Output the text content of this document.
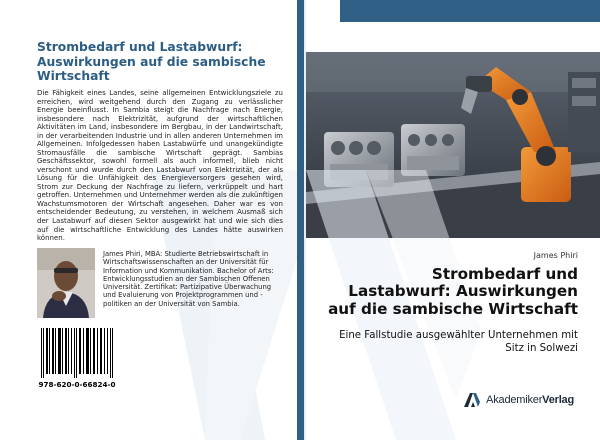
Strombedarf und Lastabwurf: Auswirkungen auf die sambische Wirtschaft
Die Fähigkeit eines Landes, seine allgemeinen Entwicklungsziele zu erreichen, wird weitgehend durch den Zugang zu verlässlicher Energie beeinflusst. In Sambia steigt die Nachfrage nach Energie, insbesondere nach Elektrizität, aufgrund der wirtschaftlichen Aktivitäten im Land, insbesondere im Bergbau, in der Landwirtschaft, in der verarbeitenden Industrie und in allen anderen Unternehmen im Allgemeinen. Infolgedessen haben Lastabwürfe und unangekündigte Stromausfälle die sambische Wirtschaft geprägt. Sambias Geschäftssektor, sowohl formell als auch informell, blieb nicht verschont und wurde durch den Lastabwurf von Elektrizität, der als Lösung für die Unfähigkeit des Energieversorgers gesehen wird, Strom zur Deckung der Nachfrage zu liefern, verkrüppelt und hart getroffen. Unternehmen und Unternehmer werden als die zukünftigen Wachstumsmotoren der Wirtschaft angesehen. Daher war es von entscheidender Bedeutung, zu verstehen, in welchem Ausmaß sich der Lastabwurf auf diesen Sektor ausgewirkt hat und wie sich dies auf die wirtschaftliche Entwicklung des Landes hätte auswirken können.
James Phiri, MBA: Studierte Betriebswirtschaft in Wirtschaftswissenschaften an der Universität für Information und Kommunikation. Bachelor of Arts: Entwicklungsstudien an der Sambischen Offenen Universität. Zertifikat: Partizipative Überwachung und Evaluierung von Projektprogrammen und -politiken an der Universität von Sambia.
978-620-0-66824-0
James Phiri
Strombedarf und
Lastabwurf: Auswirkungen
auf die sambische Wirtschaft
Eine Fallstudie ausgewählter Unternehmen mit Sitz in Solwezi
AkademikerVerlag
